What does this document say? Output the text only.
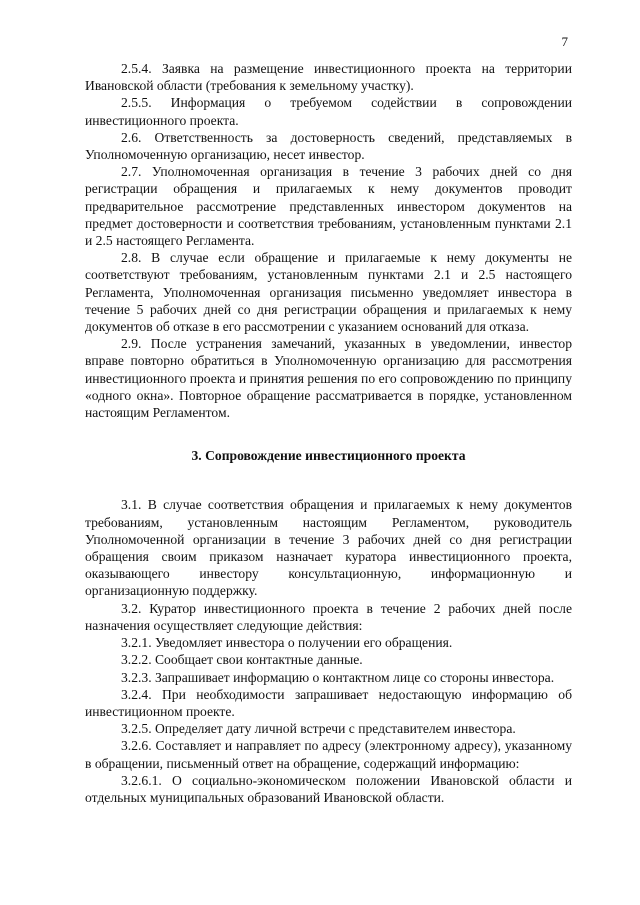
7

2.5.4. Заявка на размещение инвестиционного проекта на территории Ивановской области (требования к земельному участку).

2.5.5. Информация о требуемом содействии в сопровождении инвестиционного проекта.

2.6. Ответственность за достоверность сведений, представляемых в Уполномоченную организацию, несет инвестор.

2.7. Уполномоченная организация в течение 3 рабочих дней со дня регистрации обращения и прилагаемых к нему документов проводит предварительное рассмотрение представленных инвестором документов на предмет достоверности и соответствия требованиям, установленным пунктами 2.1 и 2.5 настоящего Регламента.

2.8. В случае если обращение и прилагаемые к нему документы не соответствуют требованиям, установленным пунктами 2.1 и 2.5 настоящего Регламента, Уполномоченная организация письменно уведомляет инвестора в течение 5 рабочих дней со дня регистрации обращения и прилагаемых к нему документов об отказе в его рассмотрении с указанием оснований для отказа.

2.9. После устранения замечаний, указанных в уведомлении, инвестор вправе повторно обратиться в Уполномоченную организацию для рассмотрения инвестиционного проекта и принятия решения по его сопровождению по принципу «одного окна». Повторное обращение рассматривается в порядке, установленном настоящим Регламентом.

3. Сопровождение инвестиционного проекта

3.1. В случае соответствия обращения и прилагаемых к нему документов требованиям, установленным настоящим Регламентом, руководитель Уполномоченной организации в течение 3 рабочих дней со дня регистрации обращения своим приказом назначает куратора инвестиционного проекта, оказывающего инвестору консультационную, информационную и организационную поддержку.

3.2. Куратор инвестиционного проекта в течение 2 рабочих дней после назначения осуществляет следующие действия:

3.2.1. Уведомляет инвестора о получении его обращения.

3.2.2. Сообщает свои контактные данные.

3.2.3. Запрашивает информацию о контактном лице со стороны инвестора.

3.2.4. При необходимости запрашивает недостающую информацию об инвестиционном проекте.

3.2.5. Определяет дату личной встречи с представителем инвестора.

3.2.6. Составляет и направляет по адресу (электронному адресу), указанному в обращении, письменный ответ на обращение, содержащий информацию:

3.2.6.1. О социально-экономическом положении Ивановской области и отдельных муниципальных образований Ивановской области.
